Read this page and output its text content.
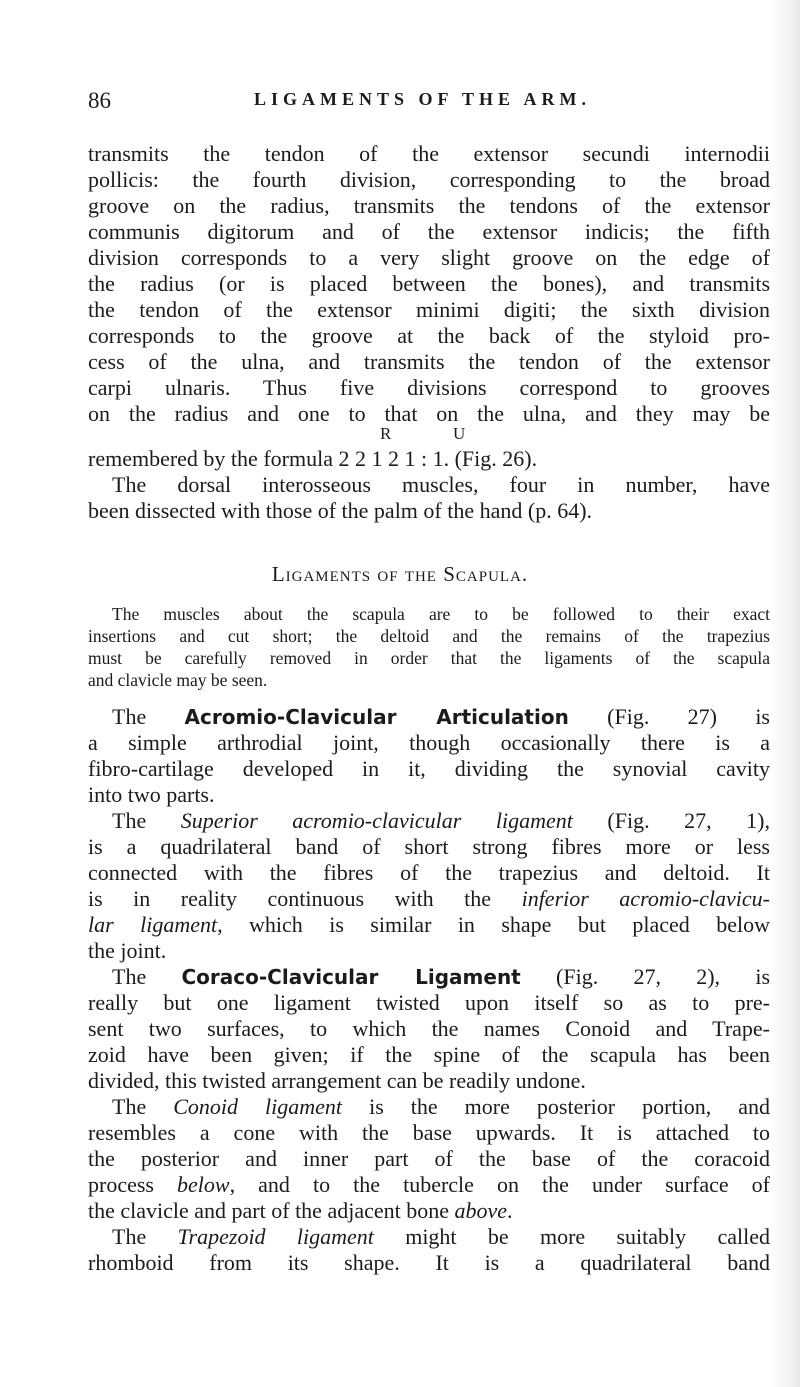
86	LIGAMENTS OF THE ARM.
transmits the tendon of the extensor secundi internodii
pollicis: the fourth division, corresponding to the broad
groove on the radius, transmits the tendons of the extensor
communis digitorum and of the extensor indicis; the fifth
division corresponds to a very slight groove on the edge of
the radius (or is placed between the bones), and transmits
the tendon of the extensor minimi digiti; the sixth division
corresponds to the groove at the back of the styloid pro-
cess of the ulna, and transmits the tendon of the extensor
carpi ulnaris. Thus five divisions correspond to grooves
on the radius and one to that on the ulna, and they may be
R	U
remembered by the formula 2 2 1 2 1 : 1. (Fig. 26).
The dorsal interosseous muscles, four in number, have
been dissected with those of the palm of the hand (p. 64).
Ligaments of the Scapula.
The muscles about the scapula are to be followed to their exact
insertions and cut short; the deltoid and the remains of the trapezius
must be carefully removed in order that the ligaments of the scapula
and clavicle may be seen.
The Acromio-Clavicular Articulation (Fig. 27) is
a simple arthrodial joint, though occasionally there is a
fibro-cartilage developed in it, dividing the synovial cavity
into two parts.
The Superior acromio-clavicular ligament (Fig. 27, 1),
is a quadrilateral band of short strong fibres more or less
connected with the fibres of the trapezius and deltoid. It
is in reality continuous with the inferior acromio-clavicu-
lar ligament, which is similar in shape but placed below
the joint.
The Coraco-Clavicular Ligament (Fig. 27, 2), is
really but one ligament twisted upon itself so as to pre-
sent two surfaces, to which the names Conoid and Trape-
zoid have been given; if the spine of the scapula has been
divided, this twisted arrangement can be readily undone.
The Conoid ligament is the more posterior portion, and
resembles a cone with the base upwards. It is attached to
the posterior and inner part of the base of the coracoid
process below, and to the tubercle on the under surface of
the clavicle and part of the adjacent bone above.
The Trapezoid ligament might be more suitably called
rhomboid from its shape. It is a quadrilateral band
